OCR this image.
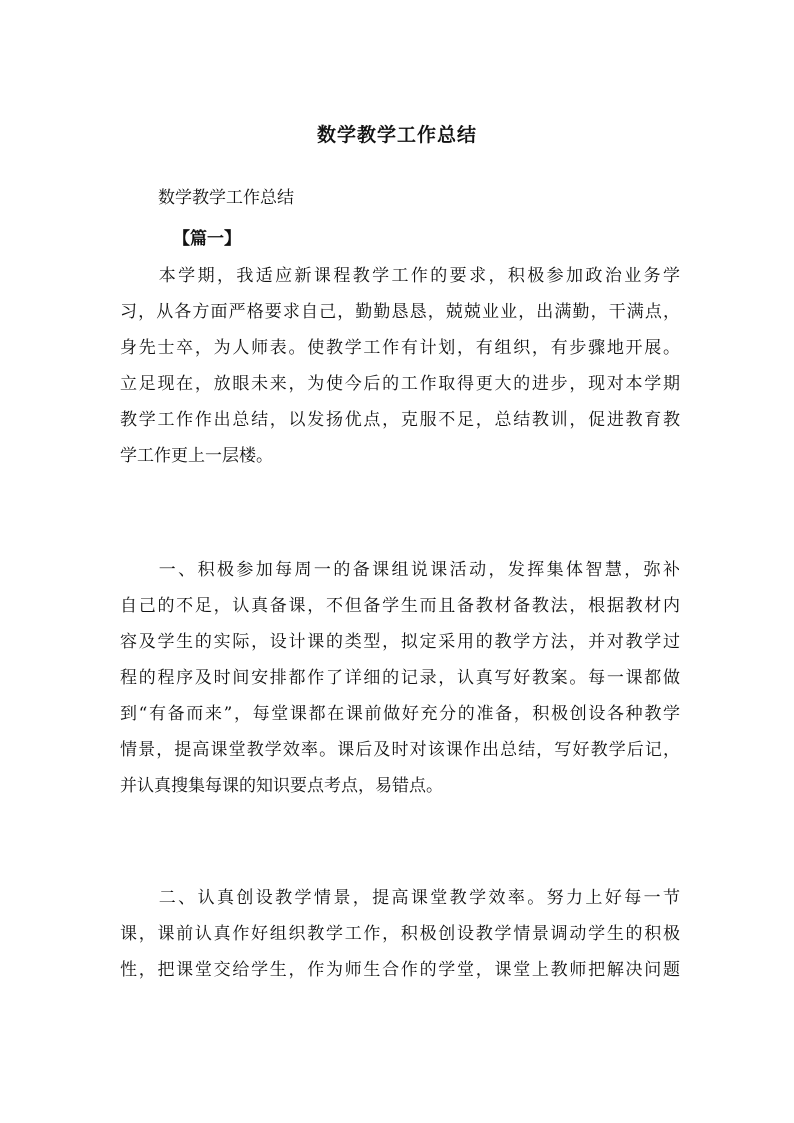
数学教学工作总结
数学教学工作总结
【篇一】
　　本学期，我适应新课程教学工作的要求，积极参加政治业务学
习，从各方面严格要求自己，勤勤恳恳，兢兢业业，出满勤，干满点，
身先士卒，为人师表。使教学工作有计划，有组织，有步骤地开展。
立足现在，放眼未来，为使今后的工作取得更大的进步，现对本学期
教学工作作出总结，以发扬优点，克服不足，总结教训，促进教育教
学工作更上一层楼。
　　一、积极参加每周一的备课组说课活动，发挥集体智慧，弥补
自己的不足，认真备课，不但备学生而且备教材备教法，根据教材内
容及学生的实际，设计课的类型，拟定采用的教学方法，并对教学过
程的程序及时间安排都作了详细的记录，认真写好教案。每一课都做
到“有备而来”，每堂课都在课前做好充分的准备，积极创设各种教学
情景，提高课堂教学效率。课后及时对该课作出总结，写好教学后记，
并认真搜集每课的知识要点考点，易错点。
　　二、认真创设教学情景，提高课堂教学效率。努力上好每一节
课，课前认真作好组织教学工作，积极创设教学情景调动学生的积极
性，把课堂交给学生，作为师生合作的学堂，课堂上教师把解决问题
